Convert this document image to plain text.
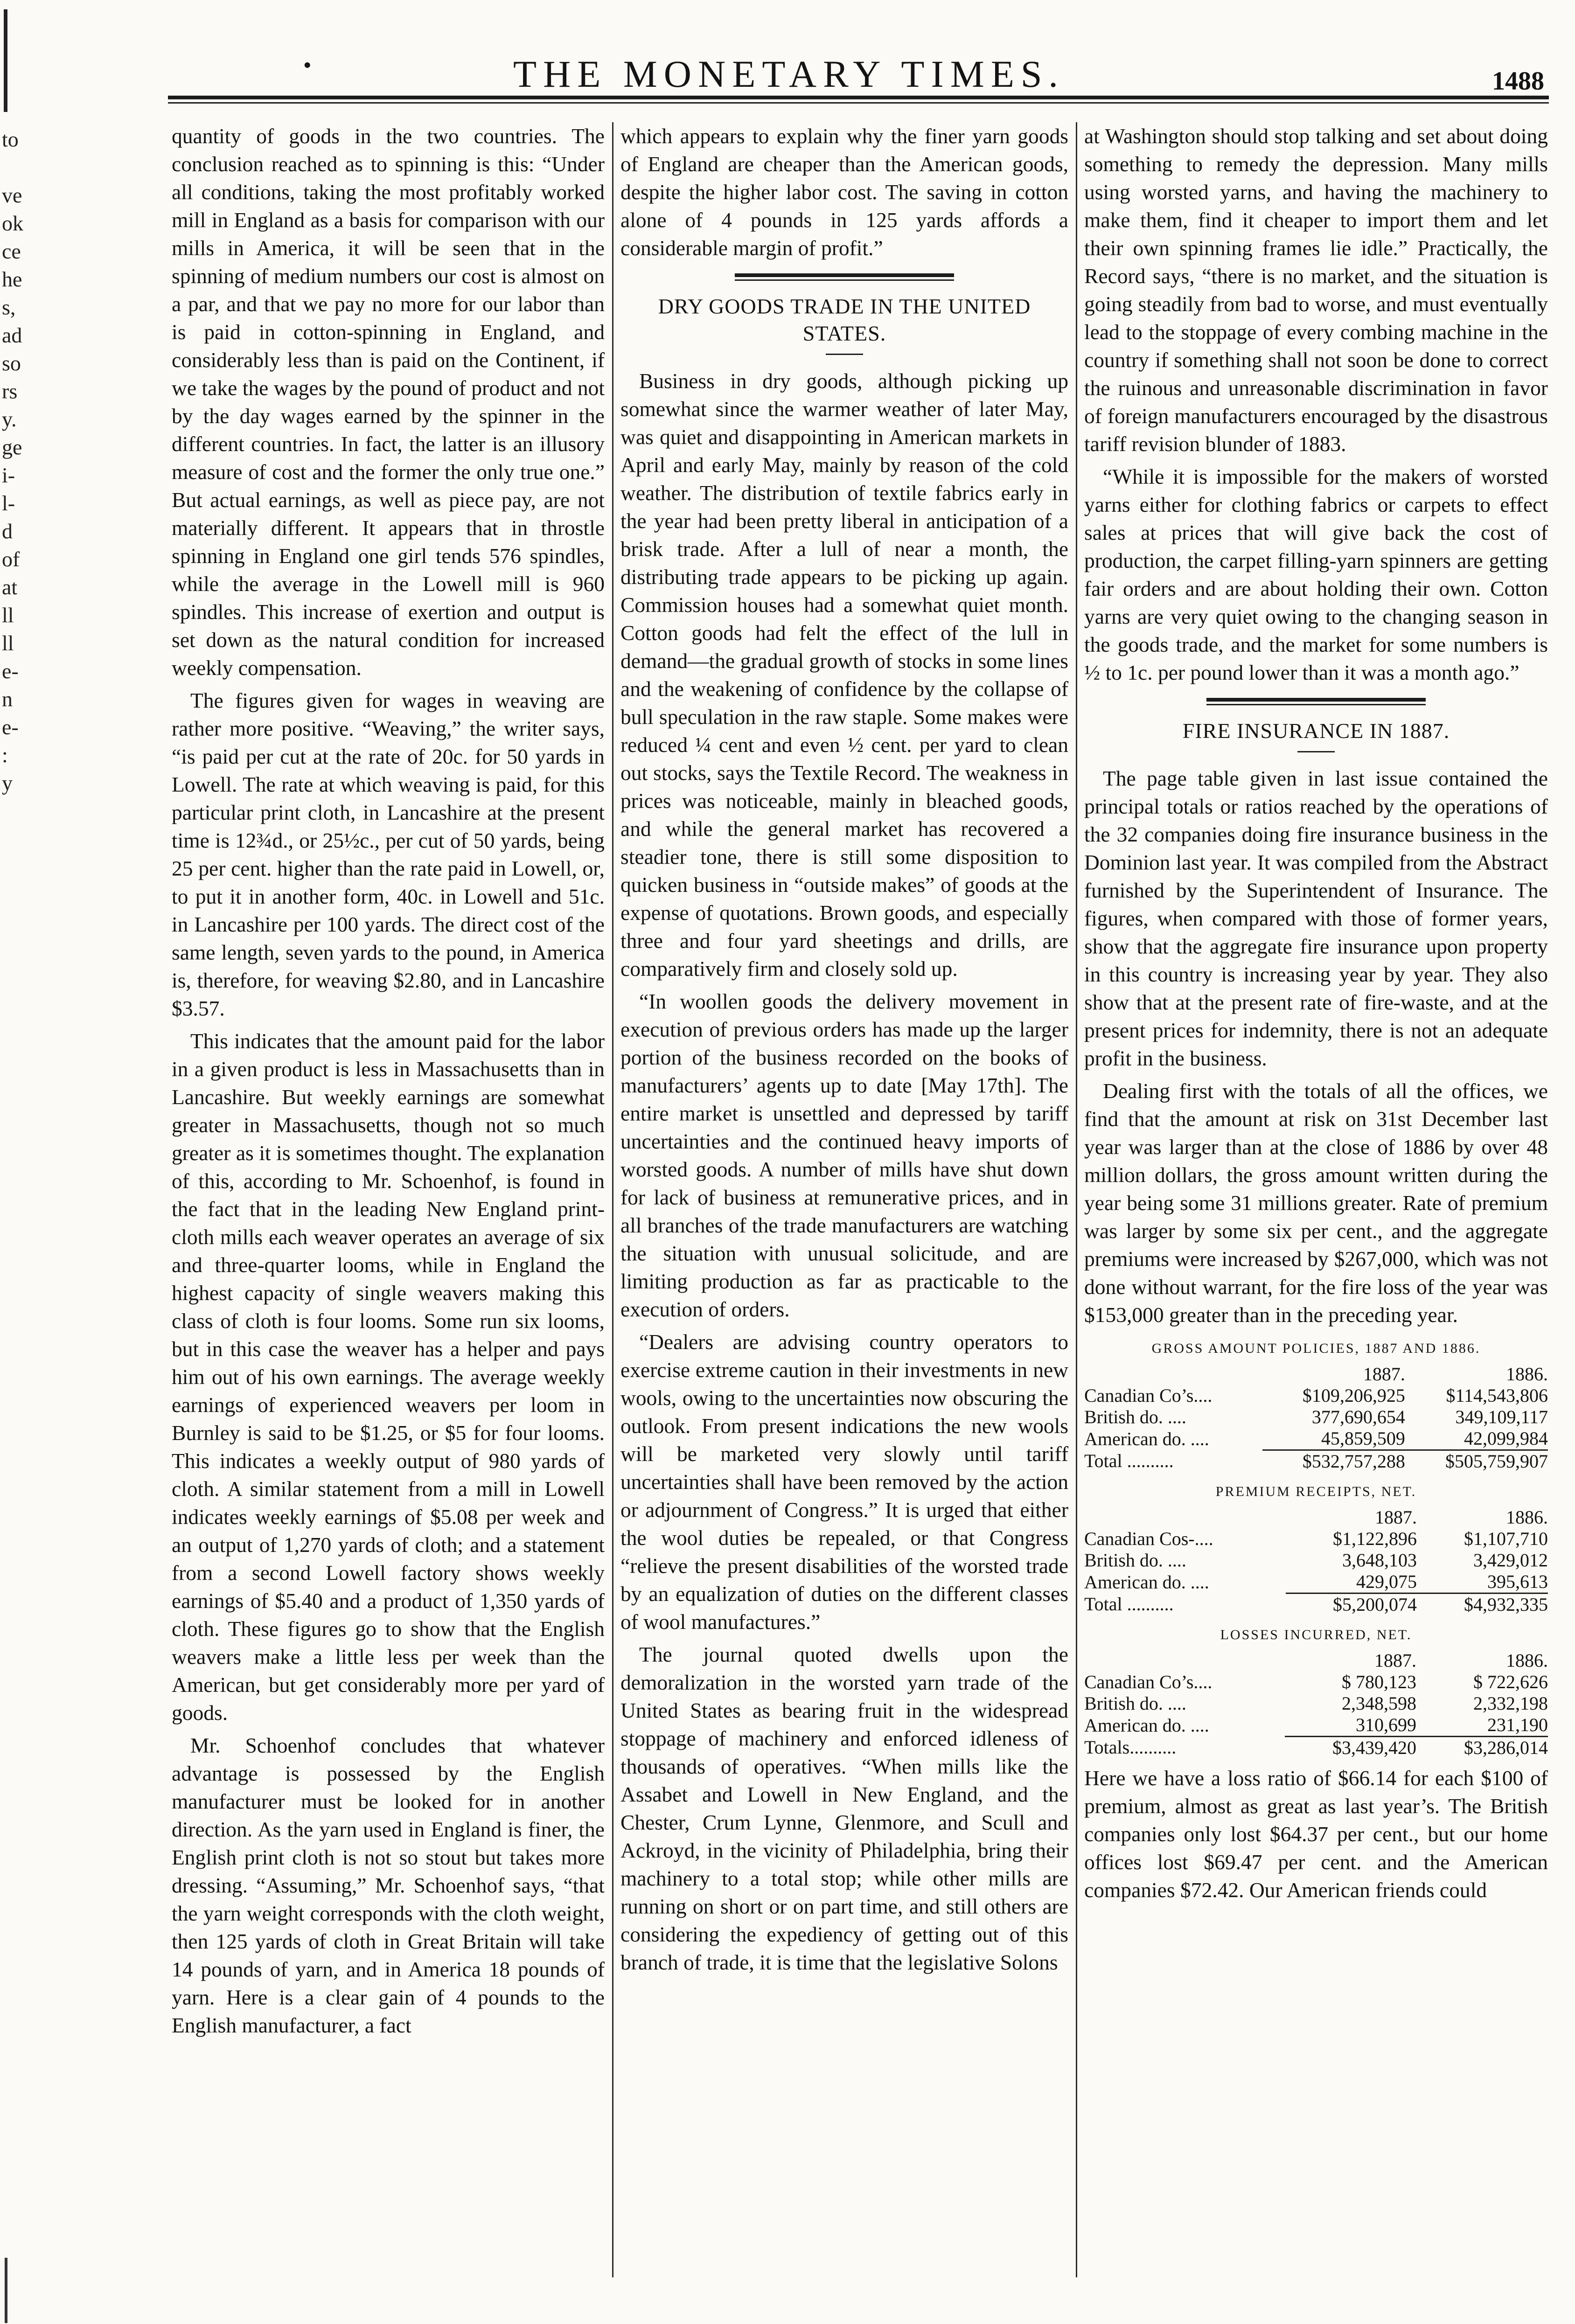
to
ve
ok
ce
he
s,
ad
so
rs
y.
ge
i-
l-
d
of
at
ll
ll
e-
n
e-
:
y
•	THE MONETARY TIMES.	1488

quantity of goods in the two countries. The conclusion reached as to spinning is this: “Under all conditions, taking the most profitably worked mill in England as a basis for comparison with our mills in America, it will be seen that in the spinning of medium numbers our cost is almost on a par, and that we pay no more for our labor than is paid in cotton-spinning in England, and considerably less than is paid on the Continent, if we take the wages by the pound of product and not by the day wages earned by the spinner in the different countries. In fact, the latter is an illusory measure of cost and the former the only true one.” But actual earnings, as well as piece pay, are not materially different. It appears that in throstle spinning in England one girl tends 576 spindles, while the average in the Lowell mill is 960 spindles. This increase of exertion and output is set down as the natural condition for increased weekly compensation.

The figures given for wages in weaving are rather more positive. “Weaving,” the writer says, “is paid per cut at the rate of 20c. for 50 yards in Lowell. The rate at which weaving is paid, for this particular print cloth, in Lancashire at the present time is 12¾d., or 25½c., per cut of 50 yards, being 25 per cent. higher than the rate paid in Lowell, or, to put it in another form, 40c. in Lowell and 51c. in Lancashire per 100 yards. The direct cost of the same length, seven yards to the pound, in America is, therefore, for weaving $2.80, and in Lancashire $3.57.

This indicates that the amount paid for the labor in a given product is less in Massachusetts than in Lancashire. But weekly earnings are somewhat greater in Massachusetts, though not so much greater as it is sometimes thought. The explanation of this, according to Mr. Schoenhof, is found in the fact that in the leading New England print-cloth mills each weaver operates an average of six and three-quarter looms, while in England the highest capacity of single weavers making this class of cloth is four looms. Some run six looms, but in this case the weaver has a helper and pays him out of his own earnings. The average weekly earnings of experienced weavers per loom in Burnley is said to be $1.25, or $5 for four looms. This indicates a weekly output of 980 yards of cloth. A similar statement from a mill in Lowell indicates weekly earnings of $5.08 per week and an output of 1,270 yards of cloth; and a statement from a second Lowell factory shows weekly earnings of $5.40 and a product of 1,350 yards of cloth. These figures go to show that the English weavers make a little less per week than the American, but get considerably more per yard of goods.

Mr. Schoenhof concludes that whatever advantage is possessed by the English manufacturer must be looked for in another direction. As the yarn used in England is finer, the English print cloth is not so stout but takes more dressing. “Assuming,” Mr. Schoenhof says, “that the yarn weight corresponds with the cloth weight, then 125 yards of cloth in Great Britain will take 14 pounds of yarn, and in America 18 pounds of yarn. Here is a clear gain of 4 pounds to the English manufacturer, a fact

which appears to explain why the finer yarn goods of England are cheaper than the American goods, despite the higher labor cost. The saving in cotton alone of 4 pounds in 125 yards affords a considerable margin of profit.”

DRY GOODS TRADE IN THE UNITED STATES.

Business in dry goods, although picking up somewhat since the warmer weather of later May, was quiet and disappointing in American markets in April and early May, mainly by reason of the cold weather. The distribution of textile fabrics early in the year had been pretty liberal in anticipation of a brisk trade. After a lull of near a month, the distributing trade appears to be picking up again. Commission houses had a somewhat quiet month. Cotton goods had felt the effect of the lull in demand—the gradual growth of stocks in some lines and the weakening of confidence by the collapse of bull speculation in the raw staple. Some makes were reduced ¼ cent and even ½ cent. per yard to clean out stocks, says the Textile Record. The weakness in prices was noticeable, mainly in bleached goods, and while the general market has recovered a steadier tone, there is still some disposition to quicken business in “outside makes” of goods at the expense of quotations. Brown goods, and especially three and four yard sheetings and drills, are comparatively firm and closely sold up.

“In woollen goods the delivery movement in execution of previous orders has made up the larger portion of the business recorded on the books of manufacturers’ agents up to date [May 17th]. The entire market is unsettled and depressed by tariff uncertainties and the continued heavy imports of worsted goods. A number of mills have shut down for lack of business at remunerative prices, and in all branches of the trade manufacturers are watching the situation with unusual solicitude, and are limiting production as far as practicable to the execution of orders.

“Dealers are advising country operators to exercise extreme caution in their investments in new wools, owing to the uncertainties now obscuring the outlook. From present indications the new wools will be marketed very slowly until tariff uncertainties shall have been removed by the action or adjournment of Congress.” It is urged that either the wool duties be repealed, or that Congress “relieve the present disabilities of the worsted trade by an equalization of duties on the different classes of wool manufactures.”

The journal quoted dwells upon the demoralization in the worsted yarn trade of the United States as bearing fruit in the widespread stoppage of machinery and enforced idleness of thousands of operatives. “When mills like the Assabet and Lowell in New England, and the Chester, Crum Lynne, Glenmore, and Scull and Ackroyd, in the vicinity of Philadelphia, bring their machinery to a total stop; while other mills are running on short or on part time, and still others are considering the expediency of getting out of this branch of trade, it is time that the legislative Solons

at Washington should stop talking and set about doing something to remedy the depression. Many mills using worsted yarns, and having the machinery to make them, find it cheaper to import them and let their own spinning frames lie idle.” Practically, the Record says, “there is no market, and the situation is going steadily from bad to worse, and must eventually lead to the stoppage of every combing machine in the country if something shall not soon be done to correct the ruinous and unreasonable discrimination in favor of foreign manufacturers encouraged by the disastrous tariff revision blunder of 1883.

“While it is impossible for the makers of worsted yarns either for clothing fabrics or carpets to effect sales at prices that will give back the cost of production, the carpet filling-yarn spinners are getting fair orders and are about holding their own. Cotton yarns are very quiet owing to the changing season in the goods trade, and the market for some numbers is ½ to 1c. per pound lower than it was a month ago.”

FIRE INSURANCE IN 1887.

The page table given in last issue contained the principal totals or ratios reached by the operations of the 32 companies doing fire insurance business in the Dominion last year. It was compiled from the Abstract furnished by the Superintendent of Insurance. The figures, when compared with those of former years, show that the aggregate fire insurance upon property in this country is increasing year by year. They also show that at the present rate of fire-waste, and at the present prices for indemnity, there is not an adequate profit in the business.

Dealing first with the totals of all the offices, we find that the amount at risk on 31st December last year was larger than at the close of 1886 by over 48 million dollars, the gross amount written during the year being some 31 millions greater. Rate of premium was larger by some six per cent., and the aggregate premiums were increased by $267,000, which was not done without warrant, for the fire loss of the year was $153,000 greater than in the preceding year.

GROSS AMOUNT POLICIES, 1887 AND 1886.
	1887.	1886.
Canadian Co’s....	$109,206,925	$114,543,806
British do. ....	377,690,654	349,109,117
American do. ....	45,859,509	42,099,984
Total ..........	$532,757,288	$505,759,907
PREMIUM RECEIPTS, NET.
	1887.	1886.
Canadian Cos-....	$1,122,896	$1,107,710
British do. ....	3,648,103	3,429,012
American do. ....	429,075	395,613
Total ..........	$5,200,074	$4,932,335
LOSSES INCURRED, NET.
	1887.	1886.
Canadian Co’s....	$ 780,123	$ 722,626
British do. ....	2,348,598	2,332,198
American do. ....	310,699	231,190
Totals..........	$3,439,420	$3,286,014

Here we have a loss ratio of $66.14 for each $100 of premium, almost as great as last year’s. The British companies only lost $64.37 per cent., but our home offices lost $69.47 per cent. and the American companies $72.42. Our American friends could
